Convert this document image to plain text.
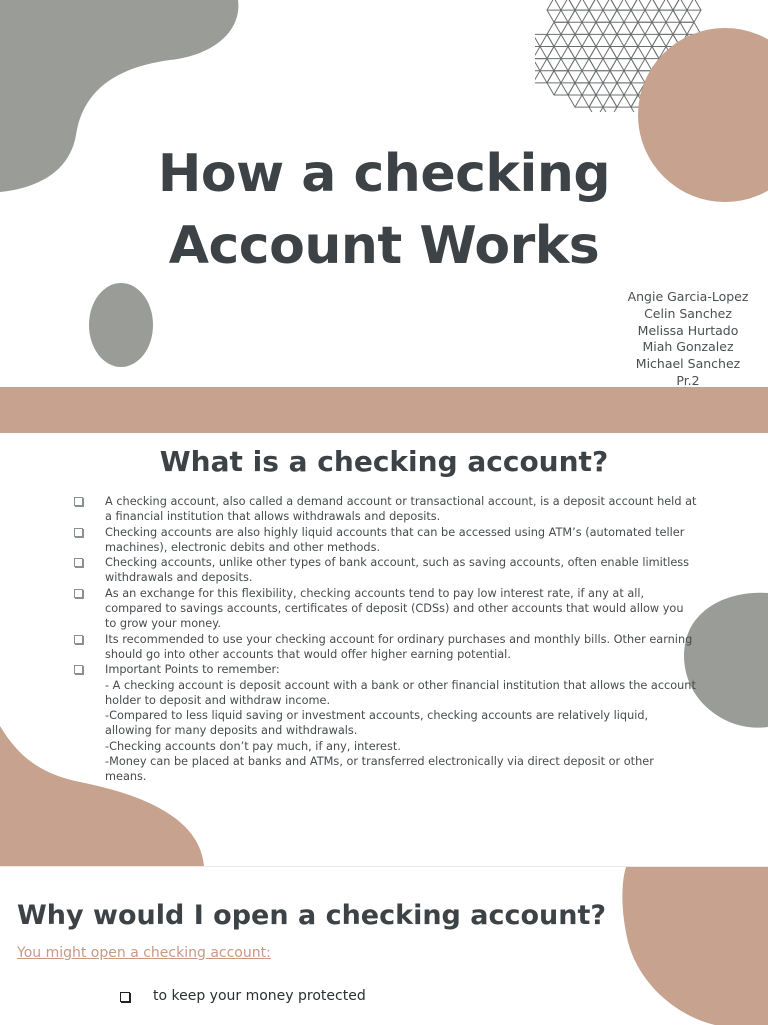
How a checking
Account Works
Angie Garcia-Lopez
Celin Sanchez
Melissa Hurtado
Miah Gonzalez
Michael Sanchez
Pr.2
What is a checking account?
A checking account, also called a demand account or transactional account, is a deposit account held at a financial institution that allows withdrawals and deposits.
Checking accounts are also highly liquid accounts that can be accessed using ATM’s (automated teller machines), electronic debits and other methods.
Checking accounts, unlike other types of bank account, such as saving accounts, often enable limitless withdrawals and deposits.
As an exchange for this flexibility, checking accounts tend to pay low interest rate, if any at all, compared to savings accounts, certificates of deposit (CDSs) and other accounts that would allow you to grow your money.
Its recommended to use your checking account for ordinary purchases and monthly bills. Other earning should go into other accounts that would offer higher earning potential.
Important Points to remember:
- A checking account is deposit account with a bank or other financial institution that allows the account holder to deposit and withdraw income.
-Compared to less liquid saving or investment accounts, checking accounts are relatively liquid, allowing for many deposits and withdrawals.
-Checking accounts don’t pay much, if any, interest.
-Money can be placed at banks and ATMs, or transferred electronically via direct deposit or other means.
Why would I open a checking account?
You might open a checking account:
to keep your money protected
